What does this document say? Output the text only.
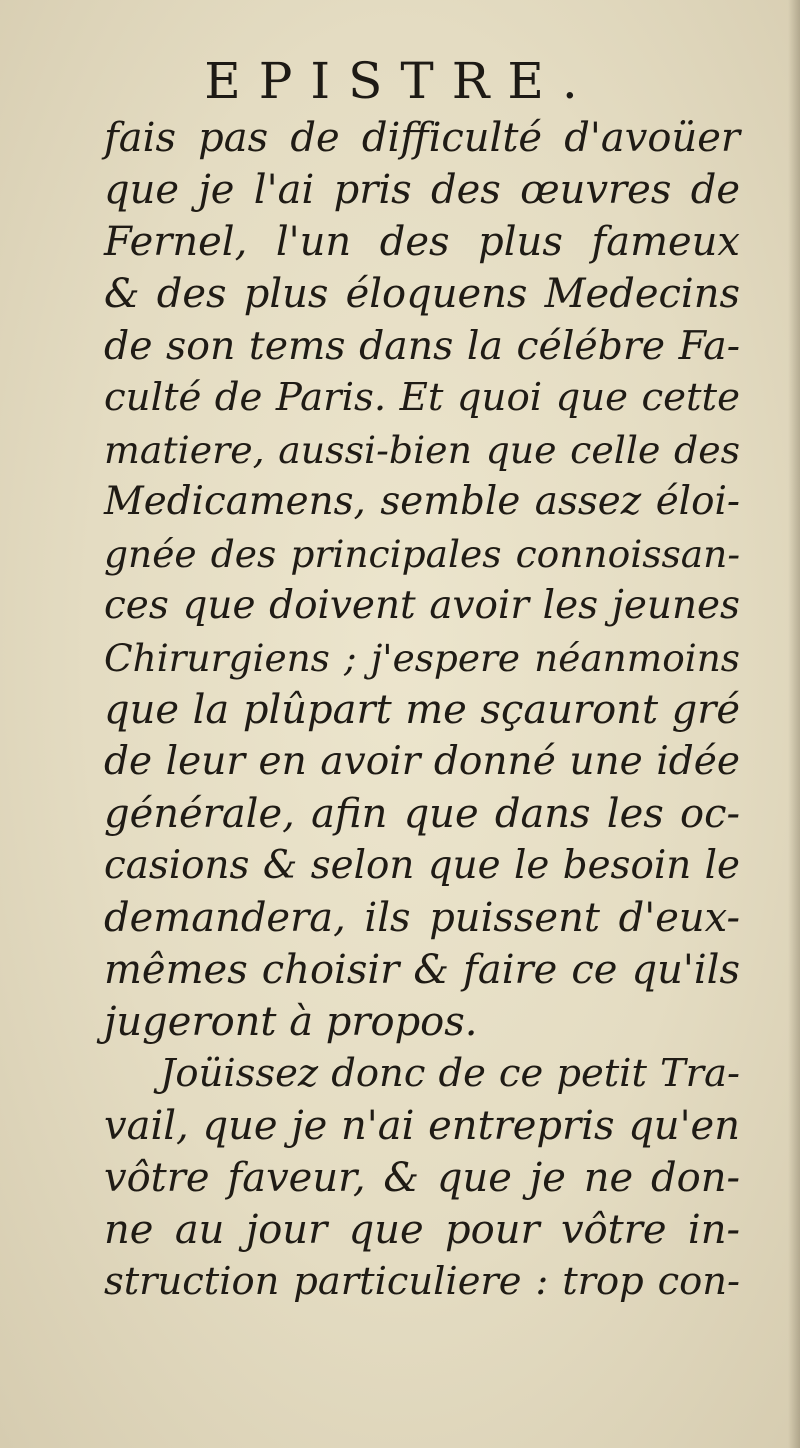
EPISTRE.
fais pas de difficulté d'avoüer
que je l'ai pris des œuvres de
Fernel, l'un des plus fameux
& des plus éloquens Medecins
de son tems dans la célébre Fa-
culté de Paris. Et quoi que cette
matiere, aussi-bien que celle des
Medicamens, semble assez éloi-
gnée des principales connoissan-
ces que doivent avoir les jeunes
Chirurgiens ; j'espere néanmoins
que la plûpart me sçauront gré
de leur en avoir donné une idée
générale, afin que dans les oc-
casions & selon que le besoin le
demandera, ils puissent d'eux-
mêmes choisir & faire ce qu'ils
jugeront à propos.
Joüissez donc de ce petit Tra-
vail, que je n'ai entrepris qu'en
vôtre faveur, & que je ne don-
ne au jour que pour vôtre in-
struction particuliere : trop con-
